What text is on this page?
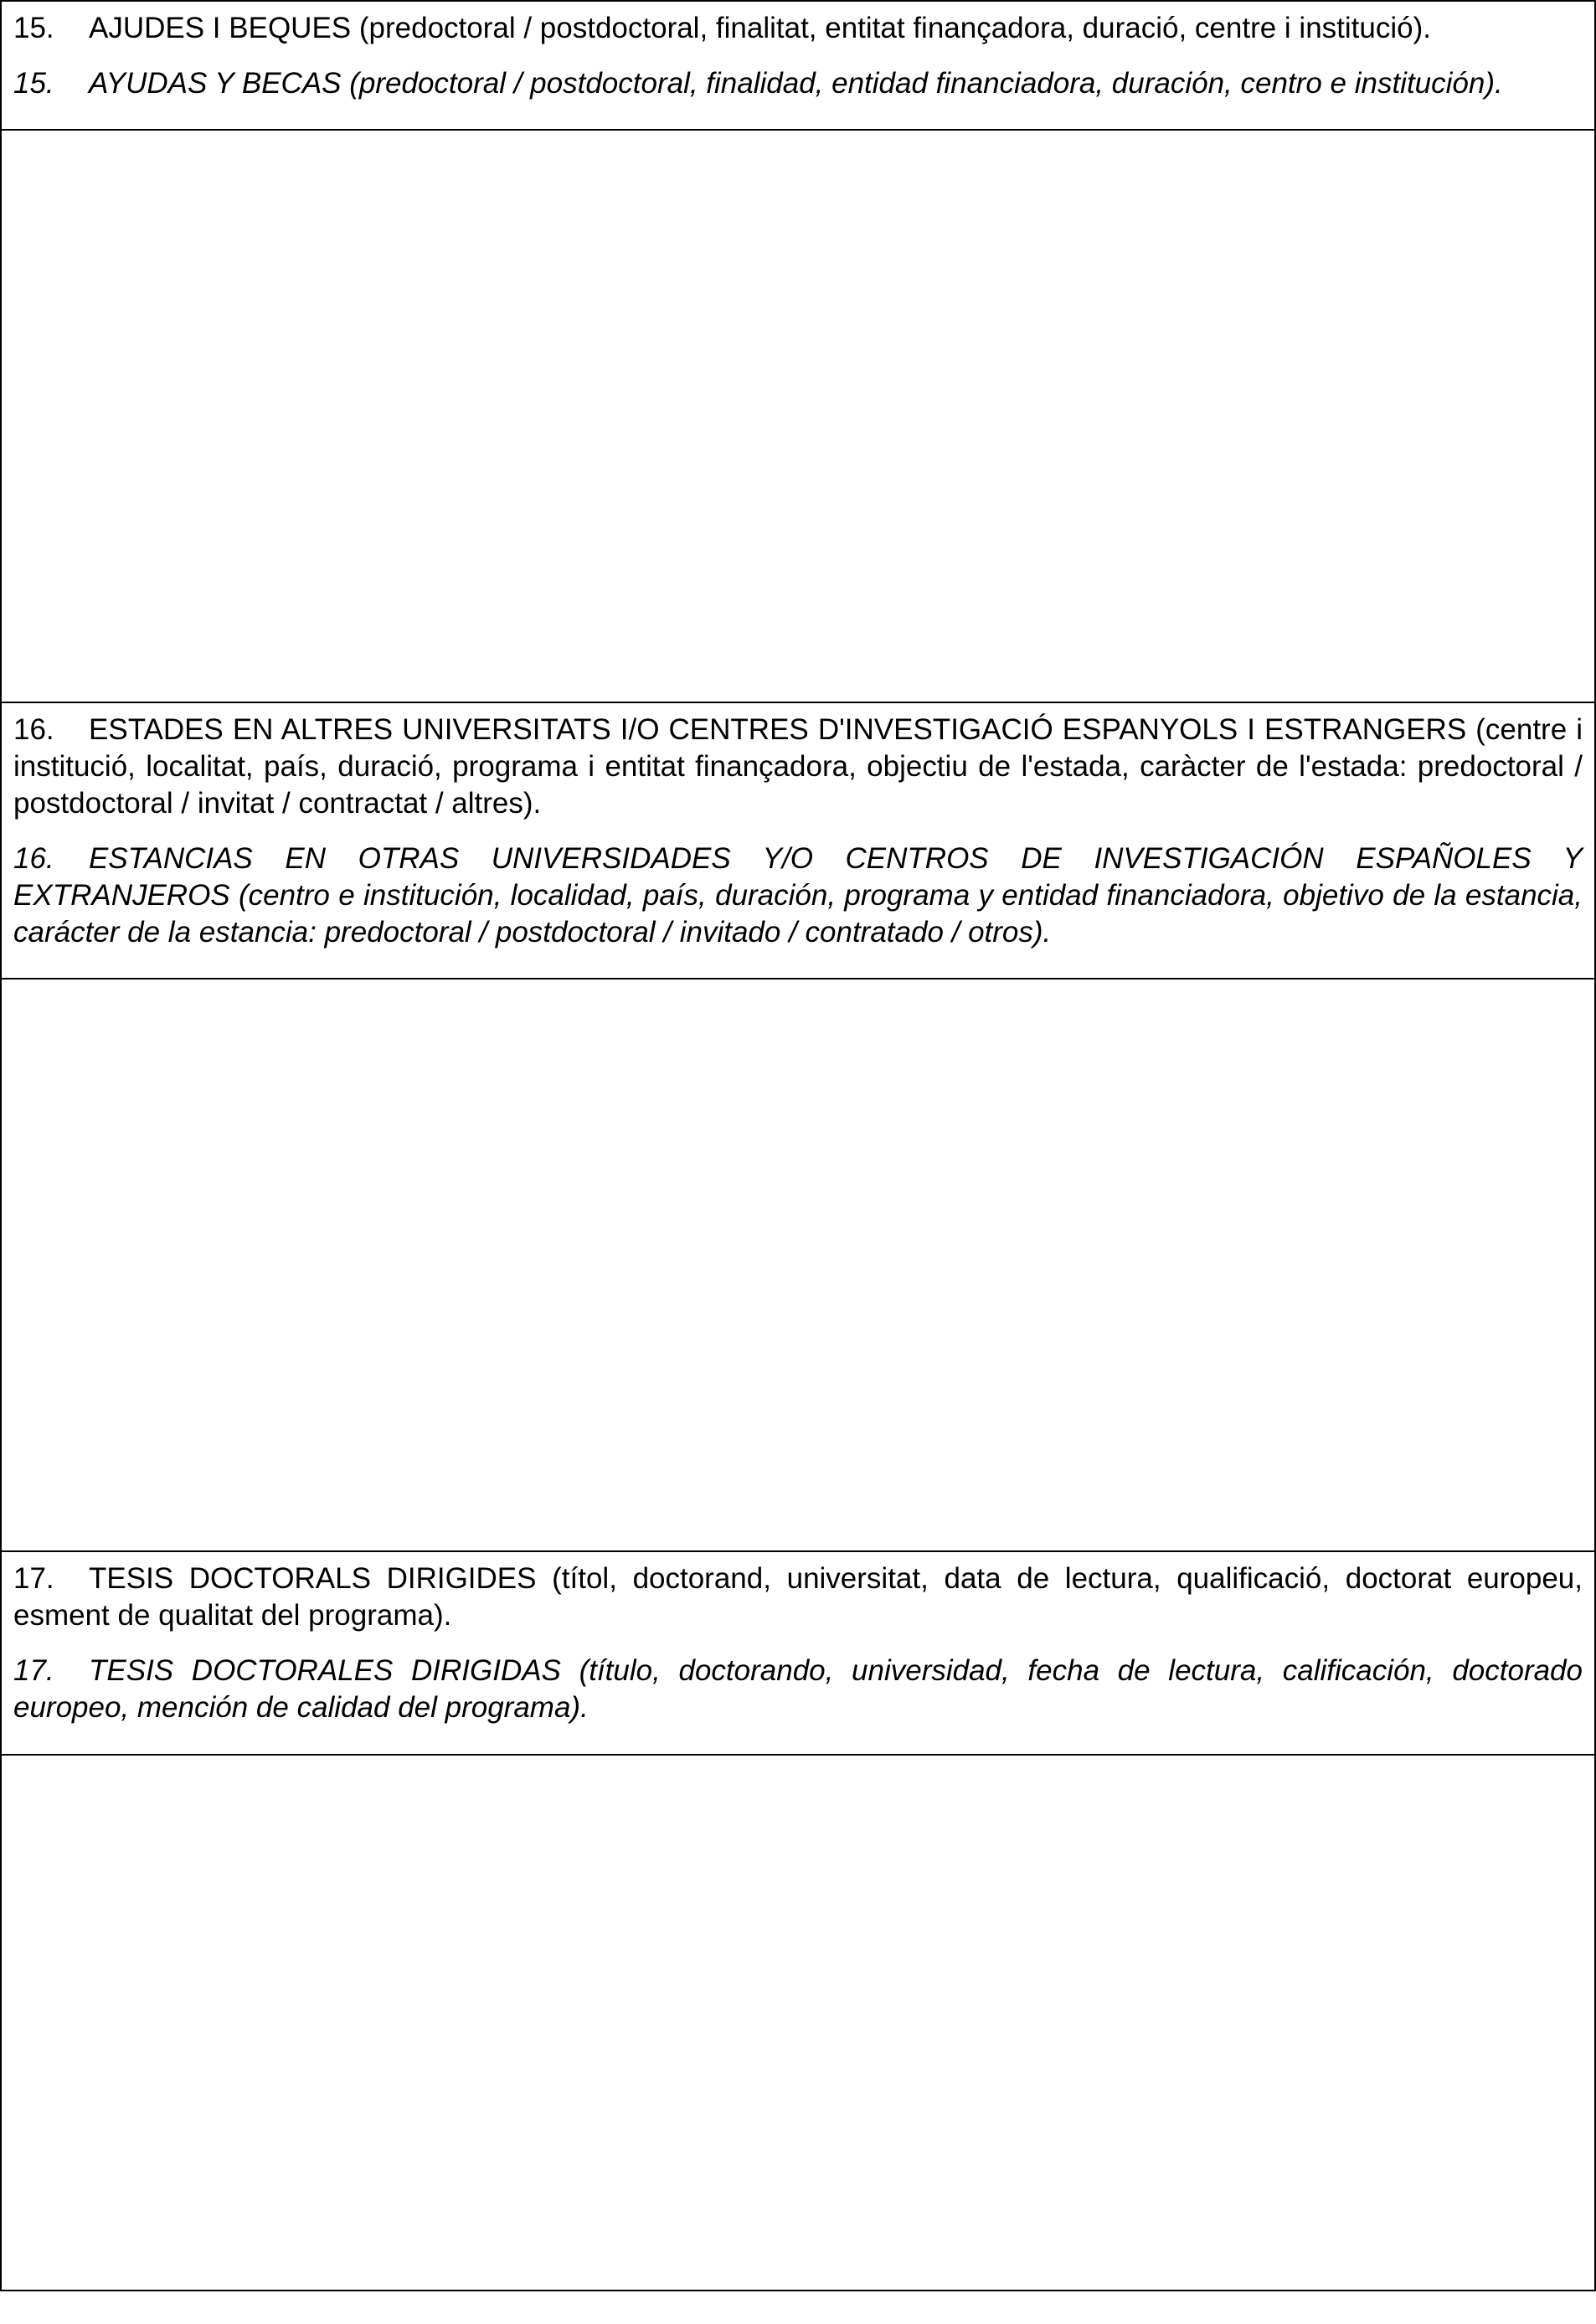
15. AJUDES I BEQUES (predoctoral / postdoctoral, finalitat, entitat finançadora, duració, centre i institució).

15. AYUDAS Y BECAS (predoctoral / postdoctoral, finalidad, entidad financiadora, duración, centro e institución).

16. ESTADES EN ALTRES UNIVERSITATS I/O CENTRES D'INVESTIGACIÓ ESPANYOLS I ESTRANGERS (centre i institució, localitat, país, duració, programa i entitat finançadora, objectiu de l'estada, caràcter de l'estada: predoctoral / postdoctoral / invitat / contractat / altres).

16. ESTANCIAS EN OTRAS UNIVERSIDADES Y/O CENTROS DE INVESTIGACIÓN ESPAÑOLES Y EXTRANJEROS (centro e institución, localidad, país, duración, programa y entidad financiadora, objetivo de la estancia, carácter de la estancia: predoctoral / postdoctoral / invitado / contratado / otros).

17. TESIS DOCTORALS DIRIGIDES (títol, doctorand, universitat, data de lectura, qualificació, doctorat europeu, esment de qualitat del programa).

17. TESIS DOCTORALES DIRIGIDAS (título, doctorando, universidad, fecha de lectura, calificación, doctorado europeo, mención de calidad del programa).
